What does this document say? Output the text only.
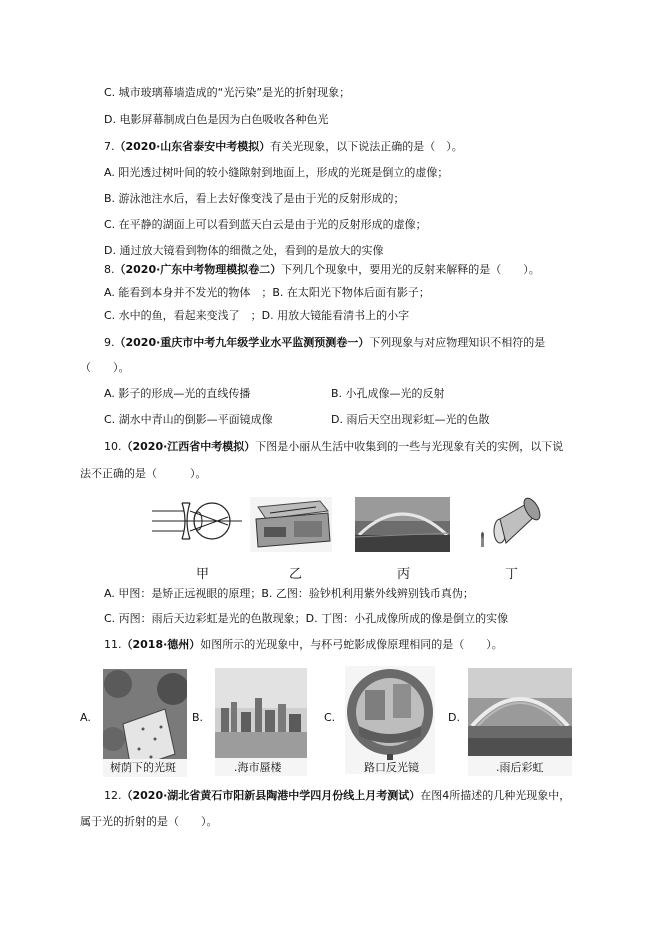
C. 城市玻璃幕墙造成的“光污染”是光的折射现象；
D. 电影屏幕制成白色是因为白色吸收各种色光
7.（2020·山东省泰安中考模拟）有关光现象，以下说法正确的是（　）。
A. 阳光透过树叶间的较小缝隙射到地面上，形成的光斑是倒立的虚像；
B. 游泳池注水后，看上去好像变浅了是由于光的反射形成的；
C. 在平静的湖面上可以看到蓝天白云是由于光的反射形成的虚像；
D. 通过放大镜看到物体的细微之处，看到的是放大的实像
8.（2020·广东中考物理模拟卷二）下列几个现象中，要用光的反射来解释的是（　　）。
A. 能看到本身并不发光的物体　；B. 在太阳光下物体后面有影子；
C. 水中的鱼，看起来变浅了　；D. 用放大镜能看清书上的小字
9.（2020·重庆市中考九年级学业水平监测预测卷一）下列现象与对应物理知识不相符的是
（　　）。
A. 影子的形成—光的直线传播	B. 小孔成像—光的反射
C. 湖水中青山的倒影—平面镜成像	D. 雨后天空出现彩虹—光的色散
10.（2020·江西省中考模拟）下图是小丽从生活中收集到的一些与光现象有关的实例，以下说
法不正确的是（　　　）。
甲	乙	丙	丁
A. 甲图：是矫正远视眼的原理；B. 乙图：验钞机利用紫外线辨别钱币真伪；
C. 丙图：雨后天边彩虹是光的色散现象；D. 丁图：小孔成像所成的像是倒立的实像
11.（2018·德州）如图所示的光现象中，与杯弓蛇影成像原理相同的是（　　）。
A.
树荫下的光斑
B.
.海市蜃楼
C.
路口反光镜
D.
.雨后彩虹
12.（2020·湖北省黄石市阳新县陶港中学四月份线上月考测试）在图4所描述的几种光现象中，
属于光的折射的是（　　）。
